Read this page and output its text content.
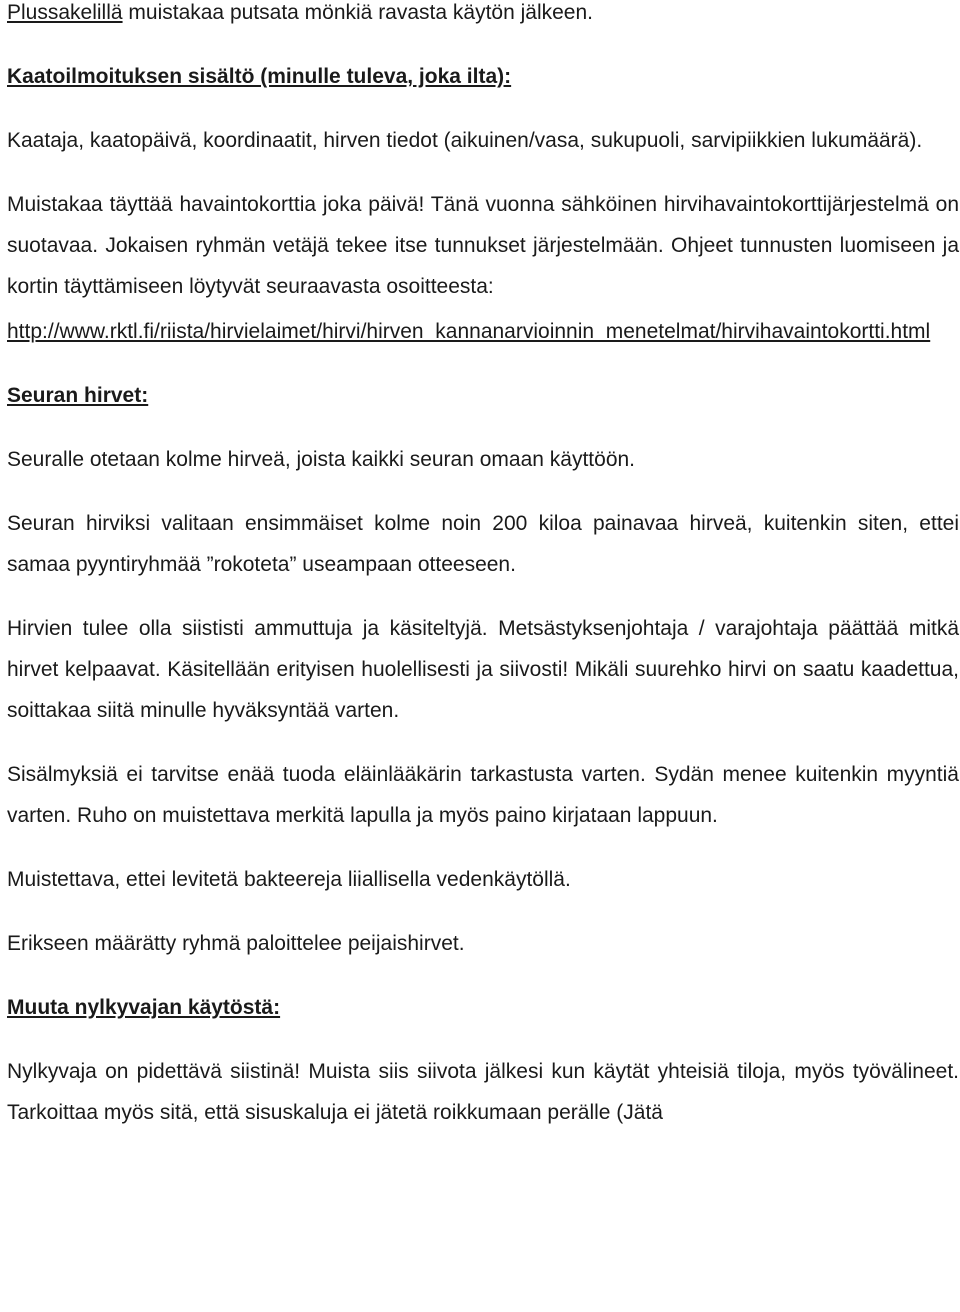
Plussakelillä muistakaa putsata mönkiä ravasta käytön jälkeen.

Kaatoilmoituksen sisältö (minulle tuleva, joka ilta):

Kaataja, kaatopäivä, koordinaatit, hirven tiedot (aikuinen/vasa, sukupuoli, sarvipiikkien lukumäärä).

Muistakaa täyttää havaintokorttia joka päivä! Tänä vuonna sähköinen hirvihavaintokorttijärjestelmä on suotavaa. Jokaisen ryhmän vetäjä tekee itse tunnukset järjestelmään. Ohjeet tunnusten luomiseen ja kortin täyttämiseen löytyvät seuraavasta osoitteesta:

http://www.rktl.fi/riista/hirvielaimet/hirvi/hirven_kannanarvioinnin_menetelmat/hirvihavaintokortti.html

Seuran hirvet:

Seuralle otetaan kolme hirveä, joista kaikki seuran omaan käyttöön.

Seuran hirviksi valitaan ensimmäiset kolme noin 200 kiloa painavaa hirveä, kuitenkin siten, ettei samaa pyyntiryhmää ”rokoteta” useampaan otteeseen.

Hirvien tulee olla siististi ammuttuja ja käsiteltyjä. Metsästyksenjohtaja / varajohtaja päättää mitkä hirvet kelpaavat. Käsitellään erityisen huolellisesti ja siivosti! Mikäli suurehko hirvi on saatu kaadettua, soittakaa siitä minulle hyväksyntää varten.

Sisälmyksiä ei tarvitse enää tuoda eläinlääkärin tarkastusta varten. Sydän menee kuitenkin myyntiä varten. Ruho on muistettava merkitä lapulla ja myös paino kirjataan lappuun.

Muistettava, ettei levitetä bakteereja liiallisella vedenkäytöllä.

Erikseen määrätty ryhmä paloittelee peijaishirvet.

Muuta nylkyvajan käytöstä:

Nylkyvaja on pidettävä siistinä! Muista siis siivota jälkesi kun käytät yhteisiä tiloja, myös työvälineet. Tarkoittaa myös sitä, että sisuskaluja ei jätetä roikkumaan perälle (Jätä
